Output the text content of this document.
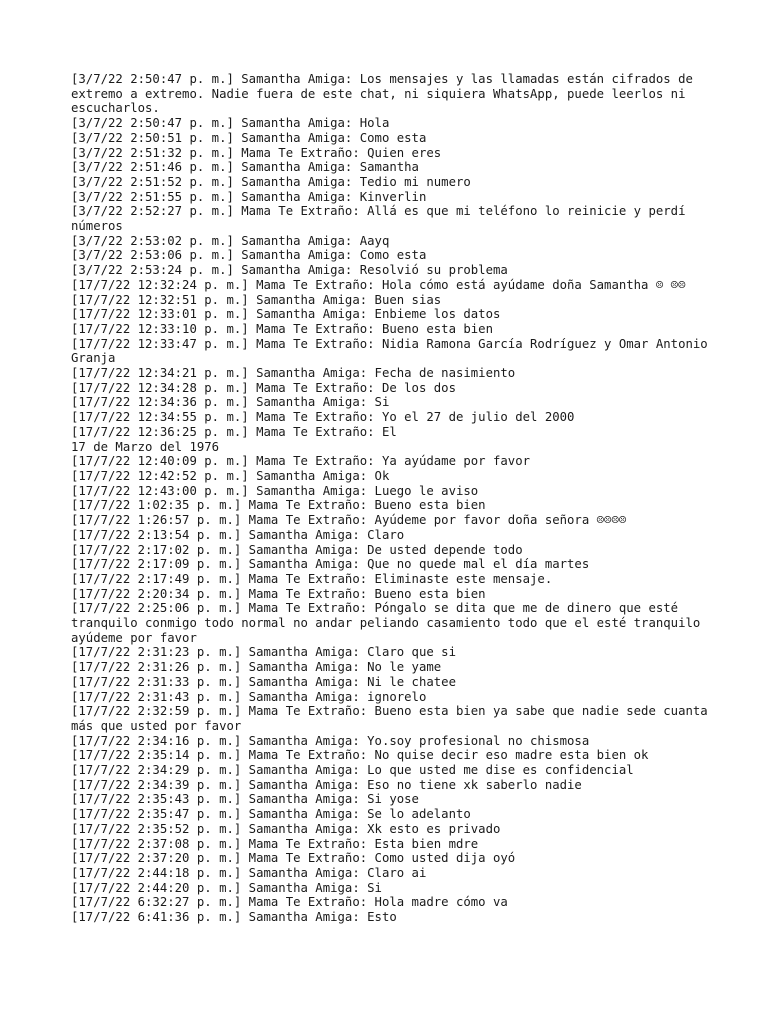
[3/7/22 2:50:47 p. m.] Samantha Amiga: Los mensajes y las llamadas están cifrados de extremo a extremo. Nadie fuera de este chat, ni siquiera WhatsApp, puede leerlos ni escucharlos.

[3/7/22 2:50:47 p. m.] Samantha Amiga: Hola

[3/7/22 2:50:51 p. m.] Samantha Amiga: Como esta

[3/7/22 2:51:32 p. m.] Mama Te Extraño: Quien eres

[3/7/22 2:51:46 p. m.] Samantha Amiga: Samantha

[3/7/22 2:51:52 p. m.] Samantha Amiga: Tedio mi numero

[3/7/22 2:51:55 p. m.] Samantha Amiga: Kinverlin

[3/7/22 2:52:27 p. m.] Mama Te Extraño: Allá es que mi teléfono lo reinicie y perdí números

[3/7/22 2:53:02 p. m.] Samantha Amiga: Aayq

[3/7/22 2:53:06 p. m.] Samantha Amiga: Como esta

[3/7/22 2:53:24 p. m.] Samantha Amiga: Resolvió su problema

[17/7/22 12:32:24 p. m.] Mama Te Extraño: Hola cómo está ayúdame doña Samantha ☹ ☹☹

[17/7/22 12:32:51 p. m.] Samantha Amiga: Buen sias

[17/7/22 12:33:01 p. m.] Samantha Amiga: Enbieme los datos

[17/7/22 12:33:10 p. m.] Mama Te Extraño: Bueno esta bien

[17/7/22 12:33:47 p. m.] Mama Te Extraño: Nidia Ramona García Rodríguez y Omar Antonio Granja

[17/7/22 12:34:21 p. m.] Samantha Amiga: Fecha de nasimiento

[17/7/22 12:34:28 p. m.] Mama Te Extraño: De los dos

[17/7/22 12:34:36 p. m.] Samantha Amiga: Si

[17/7/22 12:34:55 p. m.] Mama Te Extraño: Yo el 27 de julio del 2000

[17/7/22 12:36:25 p. m.] Mama Te Extraño: El
17 de Marzo del 1976

[17/7/22 12:40:09 p. m.] Mama Te Extraño: Ya ayúdame por favor

[17/7/22 12:42:52 p. m.] Samantha Amiga: Ok

[17/7/22 12:43:00 p. m.] Samantha Amiga: Luego le aviso

[17/7/22 1:02:35 p. m.] Mama Te Extraño: Bueno esta bien

[17/7/22 1:26:57 p. m.] Mama Te Extraño: Ayúdeme por favor doña señora ☹☹☹☹

[17/7/22 2:13:54 p. m.] Samantha Amiga: Claro

[17/7/22 2:17:02 p. m.] Samantha Amiga: De usted depende todo

[17/7/22 2:17:09 p. m.] Samantha Amiga: Que no quede mal el día martes

[17/7/22 2:17:49 p. m.] Mama Te Extraño: Eliminaste este mensaje.

[17/7/22 2:20:34 p. m.] Mama Te Extraño: Bueno esta bien

[17/7/22 2:25:06 p. m.] Mama Te Extraño: Póngalo se dita que me de dinero que esté tranquilo conmigo todo normal no andar peliando casamiento todo que el esté tranquilo ayúdeme por favor

[17/7/22 2:31:23 p. m.] Samantha Amiga: Claro que si

[17/7/22 2:31:26 p. m.] Samantha Amiga: No le yame

[17/7/22 2:31:33 p. m.] Samantha Amiga: Ni le chatee

[17/7/22 2:31:43 p. m.] Samantha Amiga: ignorelo

[17/7/22 2:32:59 p. m.] Mama Te Extraño: Bueno esta bien ya sabe que nadie sede cuanta más que usted por favor

[17/7/22 2:34:16 p. m.] Samantha Amiga: Yo.soy profesional no chismosa

[17/7/22 2:35:14 p. m.] Mama Te Extraño: No quise decir eso madre esta bien ok

[17/7/22 2:34:29 p. m.] Samantha Amiga: Lo que usted me dise es confidencial

[17/7/22 2:34:39 p. m.] Samantha Amiga: Eso no tiene xk saberlo nadie

[17/7/22 2:35:43 p. m.] Samantha Amiga: Si yose

[17/7/22 2:35:47 p. m.] Samantha Amiga: Se lo adelanto

[17/7/22 2:35:52 p. m.] Samantha Amiga: Xk esto es privado

[17/7/22 2:37:08 p. m.] Mama Te Extraño: Esta bien mdre

[17/7/22 2:37:20 p. m.] Mama Te Extraño: Como usted dija oyó

[17/7/22 2:44:18 p. m.] Samantha Amiga: Claro ai

[17/7/22 2:44:20 p. m.] Samantha Amiga: Si

[17/7/22 6:32:27 p. m.] Mama Te Extraño: Hola madre cómo va

[17/7/22 6:41:36 p. m.] Samantha Amiga: Esto
